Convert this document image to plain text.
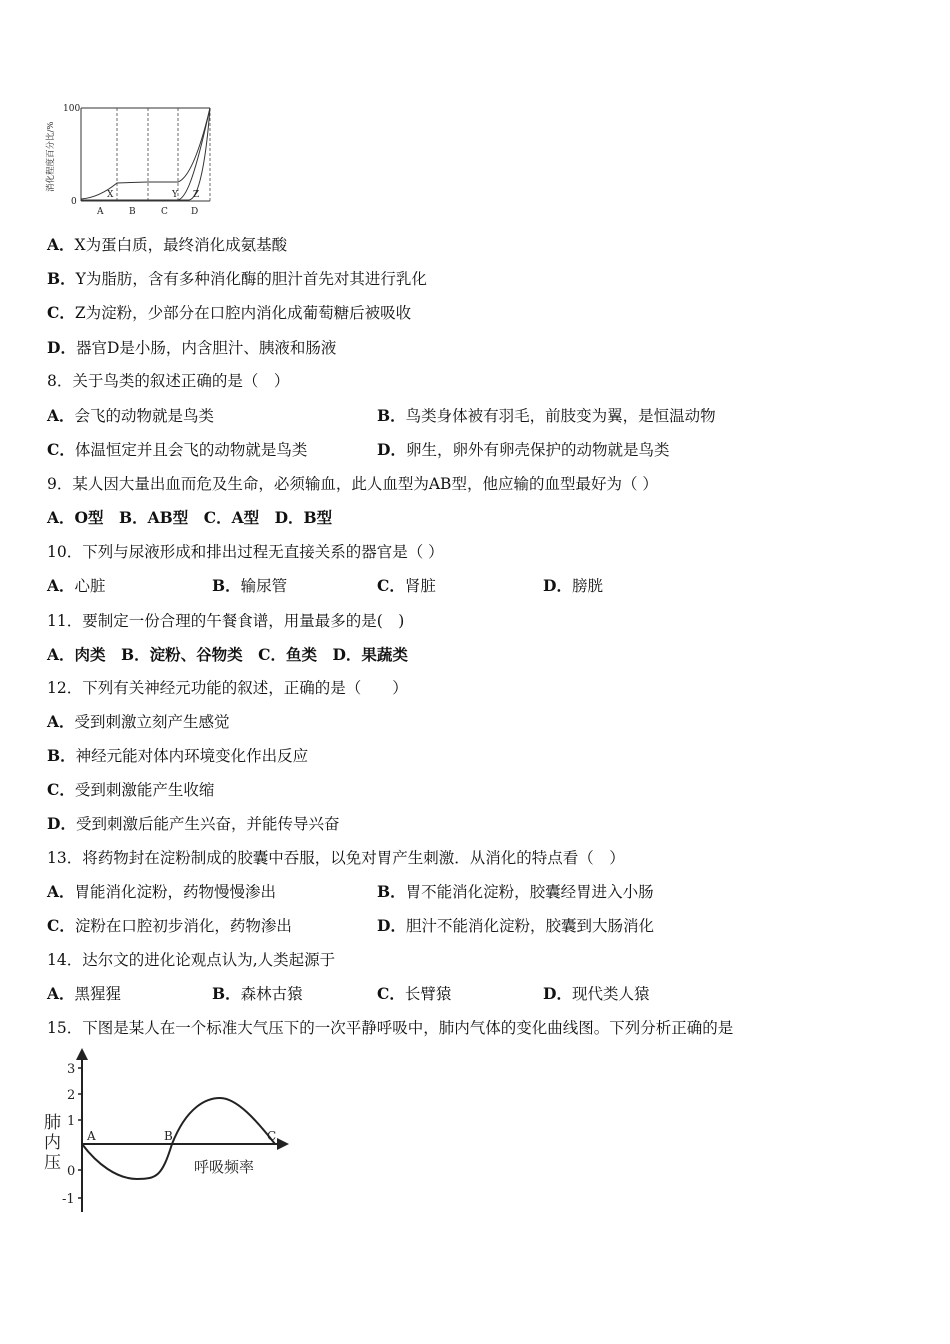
消化程度百分比/%
100
0
X	Y Z
A	B	C	D
A．X为蛋白质，最终消化成氨基酸
B．Y为脂肪，含有多种消化酶的胆汁首先对其进行乳化
C．Z为淀粉，少部分在口腔内消化成葡萄糖后被吸收
D．器官D是小肠，内含胆汁、胰液和肠液
8．关于鸟类的叙述正确的是（　）
A．会飞的动物就是鸟类	B．鸟类身体被有羽毛，前肢变为翼，是恒温动物
C．体温恒定并且会飞的动物就是鸟类	D．卵生，卵外有卵壳保护的动物就是鸟类
9．某人因大量出血而危及生命，必须输血，此人血型为AB型，他应输的血型最好为（ ）
A．O型　B．AB型　C．A型　D．B型
10．下列与尿液形成和排出过程无直接关系的器官是（ ）
A．心脏	B．输尿管	C．肾脏	D．膀胱
11．要制定一份合理的午餐食谱，用量最多的是(　)
A．肉类　B．淀粉、谷物类　C．鱼类　D．果蔬类
12．下列有关神经元功能的叙述，正确的是（　　）
A．受到刺激立刻产生感觉
B．神经元能对体内环境变化作出反应
C．受到刺激能产生收缩
D．受到刺激后能产生兴奋，并能传导兴奋
13．将药物封在淀粉制成的胶囊中吞服，以免对胃产生刺激．从消化的特点看（　）
A．胃能消化淀粉，药物慢慢渗出	B．胃不能消化淀粉，胶囊经胃进入小肠
C．淀粉在口腔初步消化，药物渗出	D．胆汁不能消化淀粉，胶囊到大肠消化
14．达尔文的进化论观点认为,人类起源于
A．黑猩猩	B．森林古猿	C．长臂猿	D．现代类人猿
15．下图是某人在一个标准大气压下的一次平静呼吸中，肺内气体的变化曲线图。下列分析正确的是
3
2
1
0
-1
肺
内
压
A	B	C
呼吸频率
